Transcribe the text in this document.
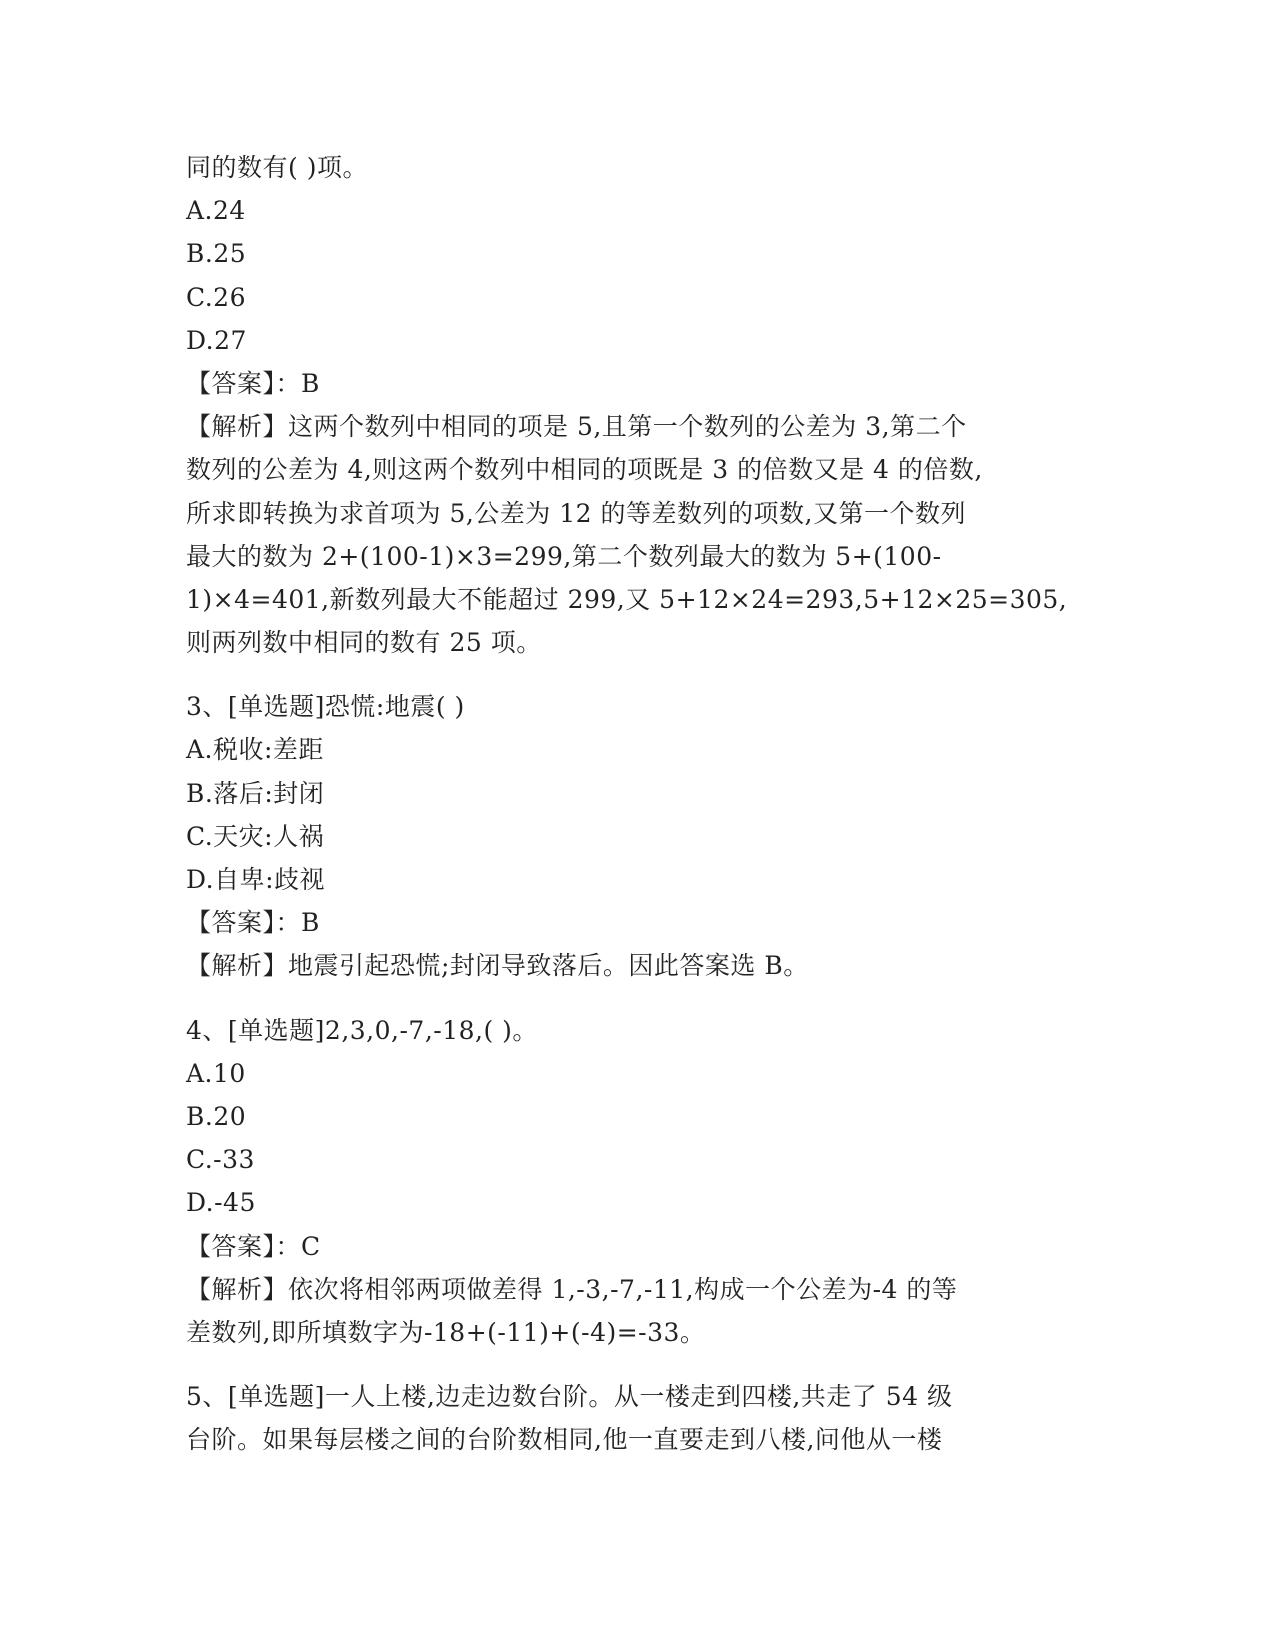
同的数有( )项。
A.24
B.25
C.26
D.27
【答案】：B
【解析】这两个数列中相同的项是 5,且第一个数列的公差为 3,第二个
数列的公差为 4,则这两个数列中相同的项既是 3 的倍数又是 4 的倍数,
所求即转换为求首项为 5,公差为 12 的等差数列的项数,又第一个数列
最大的数为 2+(100-1)×3=299,第二个数列最大的数为 5+(100-
1)×4=401,新数列最大不能超过 299,又 5+12×24=293,5+12×25=305,
则两列数中相同的数有 25 项。
3、[单选题]恐慌:地震( )
A.税收:差距
B.落后:封闭
C.天灾:人祸
D.自卑:歧视
【答案】：B
【解析】地震引起恐慌;封闭导致落后。因此答案选 B。
4、[单选题]2,3,0,-7,-18,( )。
A.10
B.20
C.-33
D.-45
【答案】：C
【解析】依次将相邻两项做差得 1,-3,-7,-11,构成一个公差为-4 的等
差数列,即所填数字为-18+(-11)+(-4)=-33。
5、[单选题]一人上楼,边走边数台阶。从一楼走到四楼,共走了 54 级
台阶。如果每层楼之间的台阶数相同,他一直要走到八楼,问他从一楼
